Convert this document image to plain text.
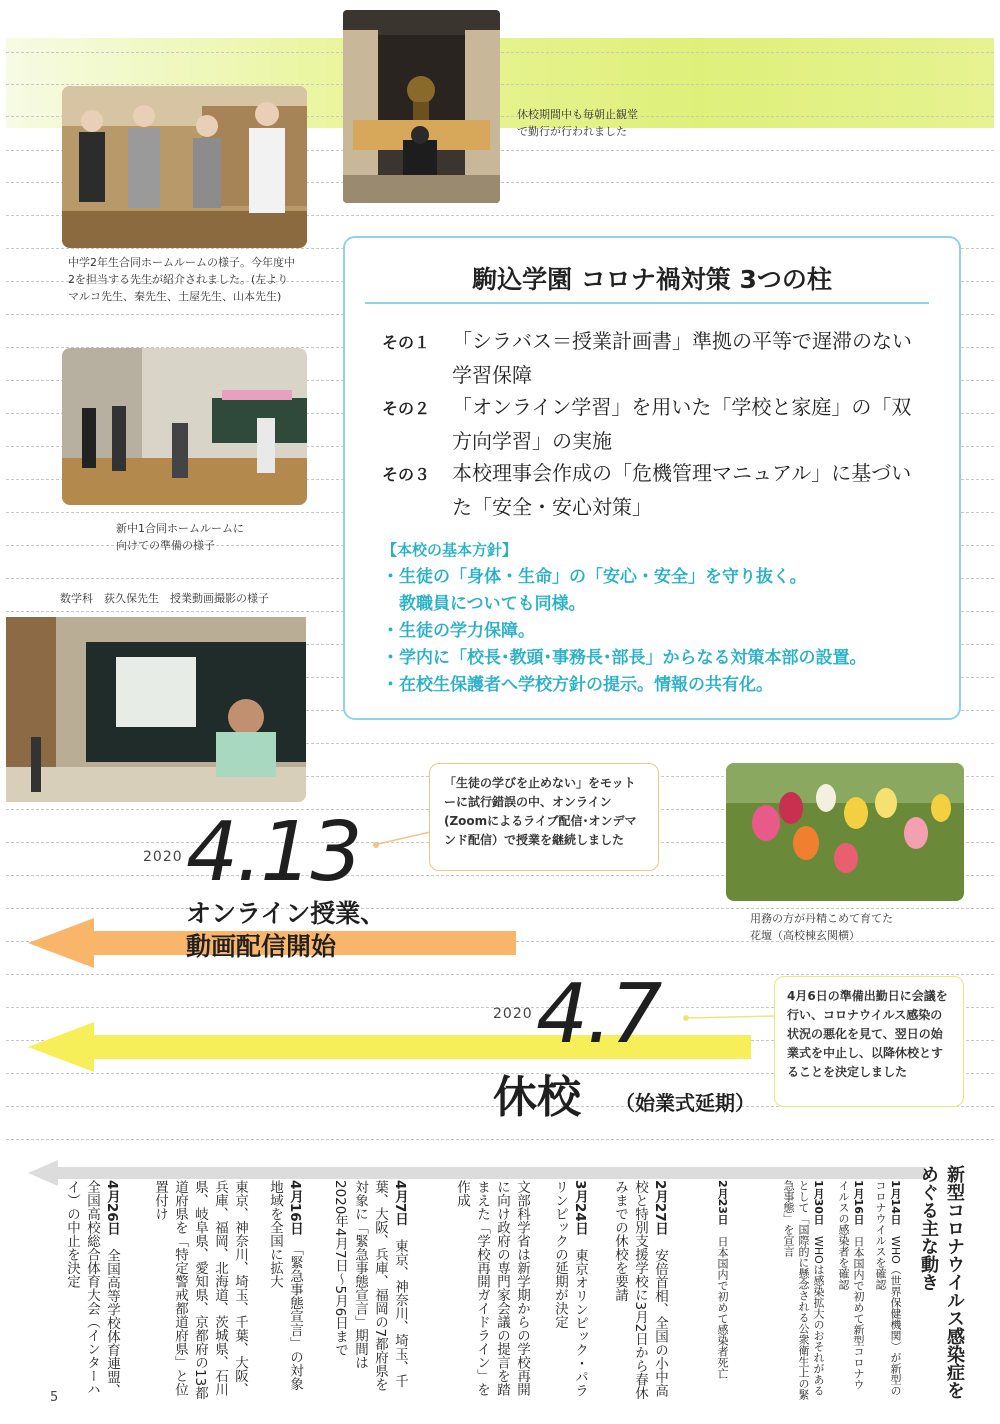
休校期間中も毎朝止観堂
で勤行が行われました
中学2年生合同ホームルームの様子。今年度中2を担当する先生が紹介されました。(左よりマルコ先生、秦先生、土屋先生、山本先生)
新中1合同ホームルームに
向けての準備の様子
数学科　荻久保先生　授業動画撮影の様子
駒込学園 コロナ禍対策 3つの柱
その１ 「シラバス＝授業計画書」準拠の平等で遅滞のない学習保障
その２ 「オンライン学習」を用いた「学校と家庭」の「双方向学習」の実施
その３ 本校理事会作成の「危機管理マニュアル」に基づいた「安全・安心対策」
【本校の基本方針】
・生徒の「身体・生命」の「安心・安全」を守り抜く。
　教職員についても同様。
・生徒の学力保障。
・学内に「校長･教頭･事務長･部長」からなる対策本部の設置。
・在校生保護者へ学校方針の提示。情報の共有化。
「生徒の学びを止めない」をモットーに試行錯誤の中、オンライン(Zoomによるライブ配信･オンデマンド配信）で授業を継続しました
用務の方が丹精こめて育てた
花壇（高校棟玄関横）
2020 4.13
オンライン授業、
動画配信開始
2020 4.7
休校 （始業式延期）
4月6日の準備出勤日に会議を行い、コロナウイルス感染の状況の悪化を見て、翌日の始業式を中止し、以降休校とすることを決定しました
新型コロナウイルス感染症をめぐる主な動き
1月14日　WHO（世界保健機関）が新型のコロナウイルスを確認
1月16日　日本国内で初めて新型コロナウイルスの感染者を確認
1月30日　WHOは感染拡大のおそれがあるとして「国際的に懸念される公衆衛生上の緊急事態」を宣言
2月23日　日本国内で初めて感染者死亡
2月27日　安倍首相、全国の小中高校と特別支援学校に3月2日から春休みまでの休校を要請
3月24日　東京オリンピック・パラリンピックの延期が決定
文部科学省は新学期からの学校再開に向け政府の専門家会議の提言を踏まえた「学校再開ガイドライン」を作成
4月7日　東京、神奈川、埼玉、千葉、大阪、兵庫、福岡の7都府県を対象に「緊急事態宣言」期間は2020年4月7日〜5月6日まで
4月16日　「緊急事態宣言」の対象地域を全国に拡大
東京、神奈川、埼玉、千葉、大阪、兵庫、福岡、北海道、茨城県、石川県、岐阜県、愛知県、京都府の13都道府県を「特定警戒都道府県」と位置付け
4月26日　全国高等学校体育連盟、全国高校総合体育大会（インターハイ）の中止を決定
5
